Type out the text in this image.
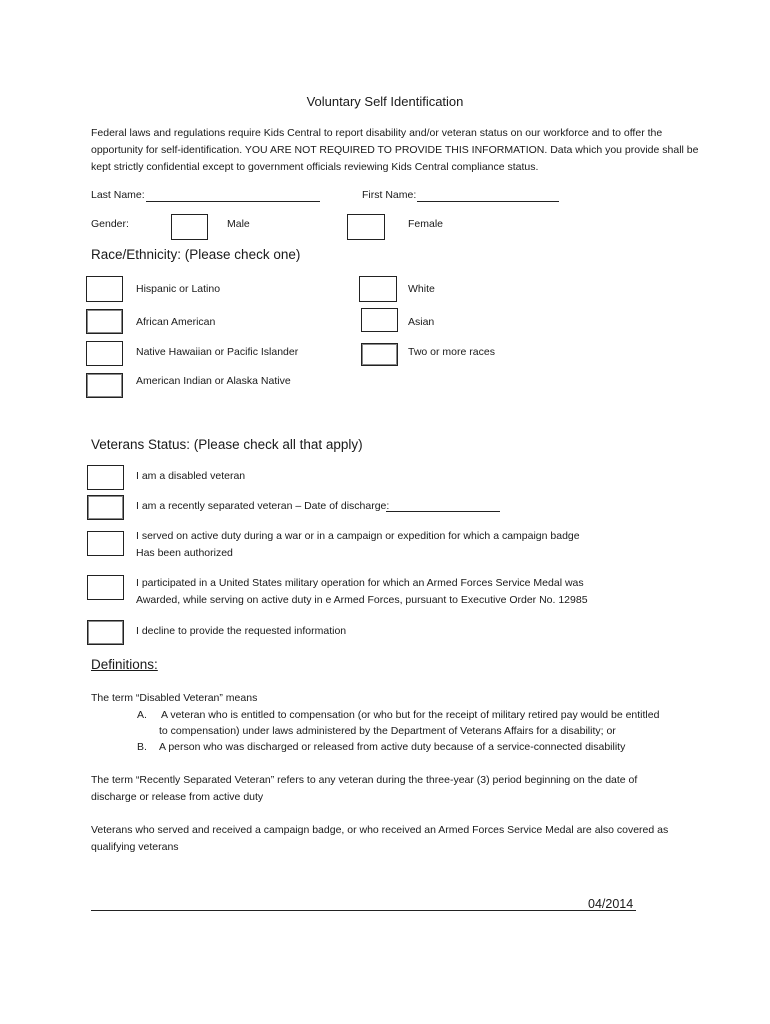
Voluntary Self Identification
Federal laws and regulations require Kids Central to report disability and/or veteran status on our workforce and to offer the
opportunity for self-identification. YOU ARE NOT REQUIRED TO PROVIDE THIS INFORMATION. Data which you provide shall be
kept strictly confidential except to government officials reviewing Kids Central compliance status.
Last Name:	First Name:
Gender:	Male	Female
Race/Ethnicity: (Please check one)
Hispanic or Latino	White
African American	Asian
Native Hawaiian or Pacific Islander	Two or more races
American Indian or Alaska Native
Veterans Status: (Please check all that apply)
I am a disabled veteran
I am a recently separated veteran – Date of discharge:
I served on active duty during a war or in a campaign or expedition for which a campaign badge
Has been authorized
I participated in a United States military operation for which an Armed Forces Service Medal was
Awarded, while serving on active duty in e Armed Forces, pursuant to Executive Order No. 12985
I decline to provide the requested information
Definitions:
The term “Disabled Veteran” means
A. A veteran who is entitled to compensation (or who but for the receipt of military retired pay would be entitled
to compensation) under laws administered by the Department of Veterans Affairs for a disability; or
B. A person who was discharged or released from active duty because of a service-connected disability
The term “Recently Separated Veteran” refers to any veteran during the three-year (3) period beginning on the date of
discharge or release from active duty
Veterans who served and received a campaign badge, or who received an Armed Forces Service Medal are also covered as
qualifying veterans
04/2014
